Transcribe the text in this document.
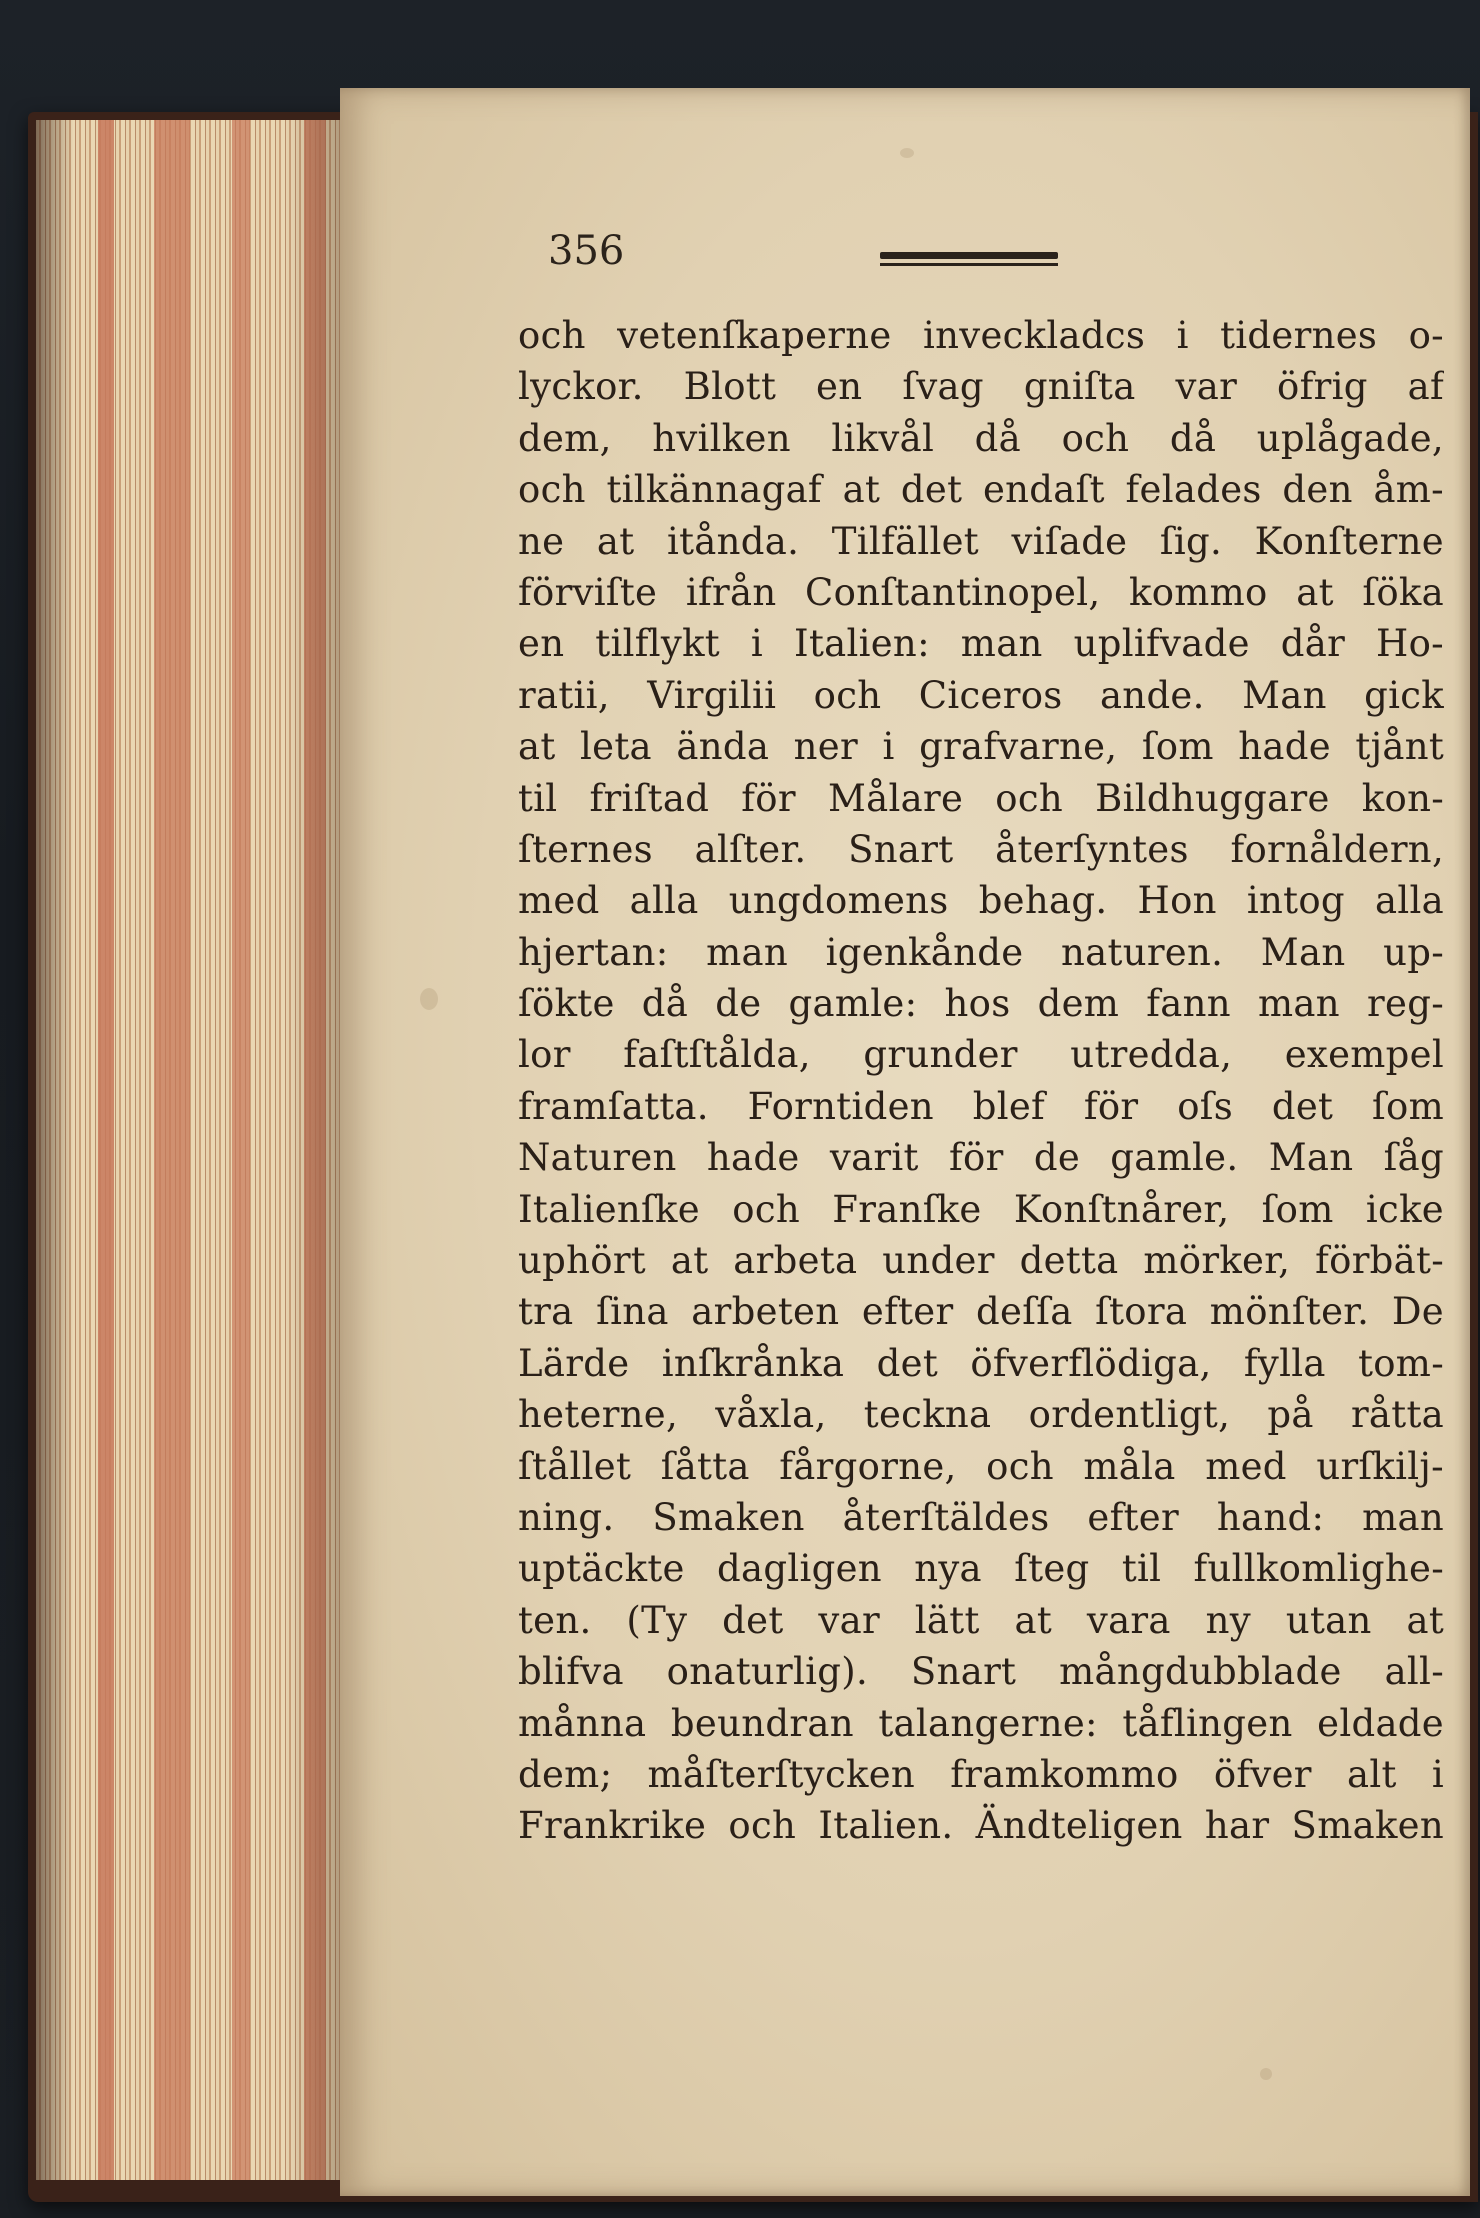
356
och vetenſkaperne inveckladcs i tidernes o-
lyckor. Blott en ſvag gniſta var öfrig af
dem, hvilken likvål då och då uplågade,
och tilkännagaf at det endaſt felades den åm-
ne at itånda. Tilfället viſade ſig. Konſterne
förviſte ifrån Conſtantinopel, kommo at ſöka
en tilflykt i Italien: man uplifvade dår Ho-
ratii, Virgilii och Ciceros ande. Man gick
at leta ända ner i grafvarne, ſom hade tjånt
til friſtad för Målare och Bildhuggare kon-
ſternes alſter. Snart återſyntes fornåldern,
med alla ungdomens behag. Hon intog alla
hjertan: man igenkånde naturen. Man up-
ſökte då de gamle: hos dem fann man reg-
lor faſtſtålda, grunder utredda, exempel
framſatta. Forntiden blef för oſs det ſom
Naturen hade varit för de gamle. Man ſåg
Italienſke och Franſke Konſtnårer, ſom icke
uphört at arbeta under detta mörker, förbät-
tra ſina arbeten efter deſſa ſtora mönſter. De
Lärde inſkrånka det öfverflödiga, fylla tom-
heterne, våxla, teckna ordentligt, på råtta
ſtållet ſåtta fårgorne, och måla med urſkilj-
ning. Smaken återſtäldes efter hand: man
uptäckte dagligen nya ſteg til fullkomlighe-
ten. (Ty det var lätt at vara ny utan at
blifva onaturlig). Snart mångdubblade all-
månna beundran talangerne: tåflingen eldade
dem; måſterſtycken framkommo öfver alt i
Frankrike och Italien. Ändteligen har Smaken
